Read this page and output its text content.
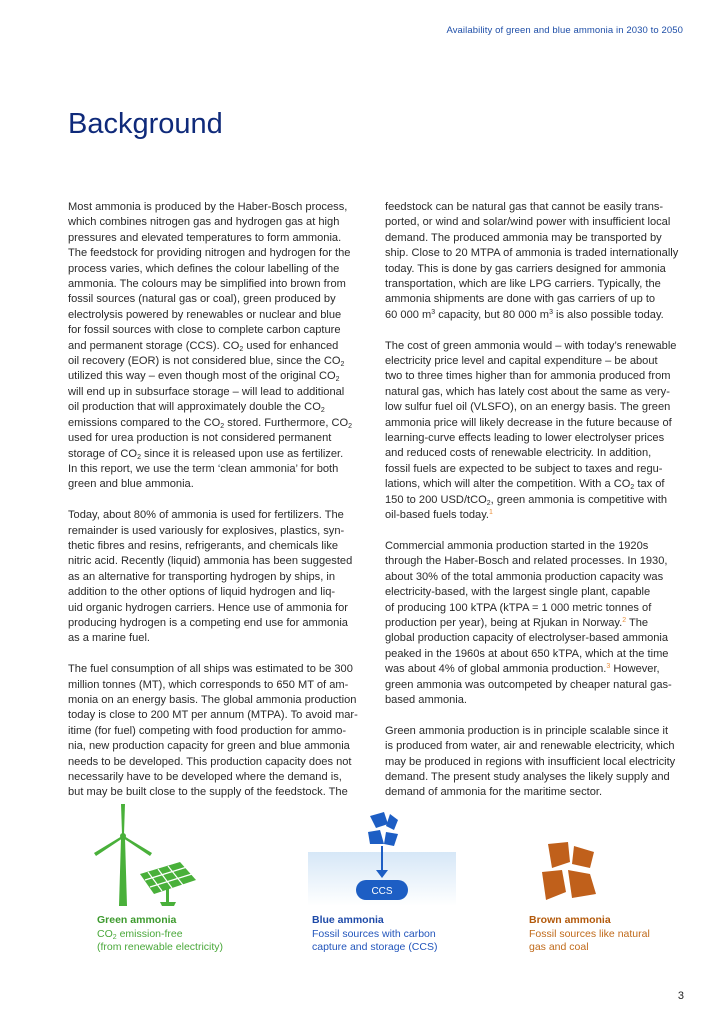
Availability of green and blue ammonia in 2030 to 2050
Background

Most ammonia is produced by the Haber-Bosch process,
which combines nitrogen gas and hydrogen gas at high
pressures and elevated temperatures to form ammonia.
The feedstock for providing nitrogen and hydrogen for the
process varies, which defines the colour labelling of the
ammonia. The colours may be simplified into brown from
fossil sources (natural gas or coal), green produced by
electrolysis powered by renewables or nuclear and blue
for fossil sources with close to complete carbon capture
and permanent storage (CCS). $CO_2$ used for enhanced
oil recovery (EOR) is not considered blue, since the $CO_2$
utilized this way – even though most of the original $CO_2$
will end up in subsurface storage – will lead to additional
oil production that will approximately double the $CO_2$
emissions compared to the $CO_2$ stored. Furthermore, $CO_2$
used for urea production is not considered permanent
storage of $CO_2$ since it is released upon use as fertilizer.
In this report, we use the term ‘clean ammonia’ for both
green and blue ammonia.

Today, about 80% of ammonia is used for fertilizers. The
remainder is used variously for explosives, plastics, syn-
thetic fibres and resins, refrigerants, and chemicals like
nitric acid. Recently (liquid) ammonia has been suggested
as an alternative for transporting hydrogen by ships, in
addition to the other options of liquid hydrogen and liq-
uid organic hydrogen carriers. Hence use of ammonia for
producing hydrogen is a competing end use for ammonia
as a marine fuel.

The fuel consumption of all ships was estimated to be 300
million tonnes (MT), which corresponds to 650 MT of am-
monia on an energy basis. The global ammonia production
today is close to 200 MT per annum (MTPA). To avoid mar-
itime (for fuel) competing with food production for ammo-
nia, new production capacity for green and blue ammonia
needs to be developed. This production capacity does not
necessarily have to be developed where the demand is,
but may be built close to the supply of the feedstock. The

feedstock can be natural gas that cannot be easily trans-
ported, or wind and solar/wind power with insufficient local
demand. The produced ammonia may be transported by
ship. Close to 20 MTPA of ammonia is traded internationally
today. This is done by gas carriers designed for ammonia
transportation, which are like LPG carriers. Typically, the
ammonia shipments are done with gas carriers of up to
60 000 $m^3$ capacity, but 80 000 $m^3$ is also possible today.

The cost of green ammonia would – with today’s renewable
electricity price level and capital expenditure – be about
two to three times higher than for ammonia produced from
natural gas, which has lately cost about the same as very-
low sulfur fuel oil (VLSFO), on an energy basis. The green
ammonia price will likely decrease in the future because of
learning-curve effects leading to lower electrolyser prices
and reduced costs of renewable electricity. In addition,
fossil fuels are expected to be subject to taxes and regu-
lations, which will alter the competition. With a $CO_2$ tax of
150 to 200 USD/tCO$_2$, green ammonia is competitive with
oil-based fuels today.$^1$

Commercial ammonia production started in the 1920s
through the Haber-Bosch and related processes. In 1930,
about 30% of the total ammonia production capacity was
electricity-based, with the largest single plant, capable
of producing 100 kTPA (kTPA = 1 000 metric tonnes of
production per year), being at Rjukan in Norway.$^2$ The
global production capacity of electrolyser-based ammonia
peaked in the 1960s at about 650 kTPA, which at the time
was about 4% of global ammonia production.$^3$ However,
green ammonia was outcompeted by cheaper natural gas-
based ammonia.

Green ammonia production is in principle scalable since it
is produced from water, air and renewable electricity, which
may be produced in regions with insufficient local electricity
demand. The present study analyses the likely supply and
demand of ammonia for the maritime sector.

CCS
Green ammonia
$CO_2$ emission-free
(from renewable electricity)
Blue ammonia
Fossil sources with carbon
capture and storage (CCS)
Brown ammonia
Fossil sources like natural
gas and coal
3
